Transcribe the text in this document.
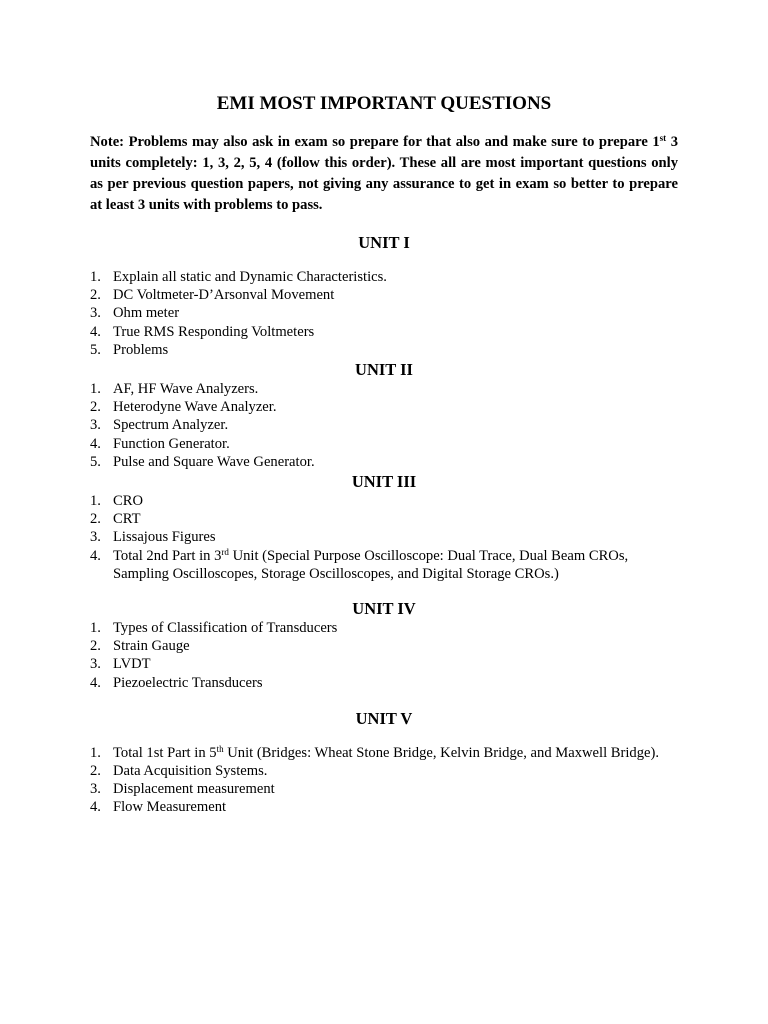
EMI MOST IMPORTANT QUESTIONS

Note: Problems may also ask in exam so prepare for that also and make sure to prepare 1st 3 units completely: 1, 3, 2, 5, 4 (follow this order). These all are most important questions only as per previous question papers, not giving any assurance to get in exam so better to prepare at least 3 units with problems to pass.

UNIT I
1. Explain all static and Dynamic Characteristics.
2. DC Voltmeter-D’Arsonval Movement
3. Ohm meter
4. True RMS Responding Voltmeters
5. Problems
UNIT II
1. AF, HF Wave Analyzers.
2. Heterodyne Wave Analyzer.
3. Spectrum Analyzer.
4. Function Generator.
5. Pulse and Square Wave Generator.
UNIT III
1. CRO
2. CRT
3. Lissajous Figures
4. Total 2nd Part in 3rd Unit (Special Purpose Oscilloscope: Dual Trace, Dual Beam CROs, Sampling Oscilloscopes, Storage Oscilloscopes, and Digital Storage CROs.)
UNIT IV
1. Types of Classification of Transducers
2. Strain Gauge
3. LVDT
4. Piezoelectric Transducers
UNIT V
1. Total 1st Part in 5th Unit (Bridges: Wheat Stone Bridge, Kelvin Bridge, and Maxwell Bridge).
2. Data Acquisition Systems.
3. Displacement measurement
4. Flow Measurement
